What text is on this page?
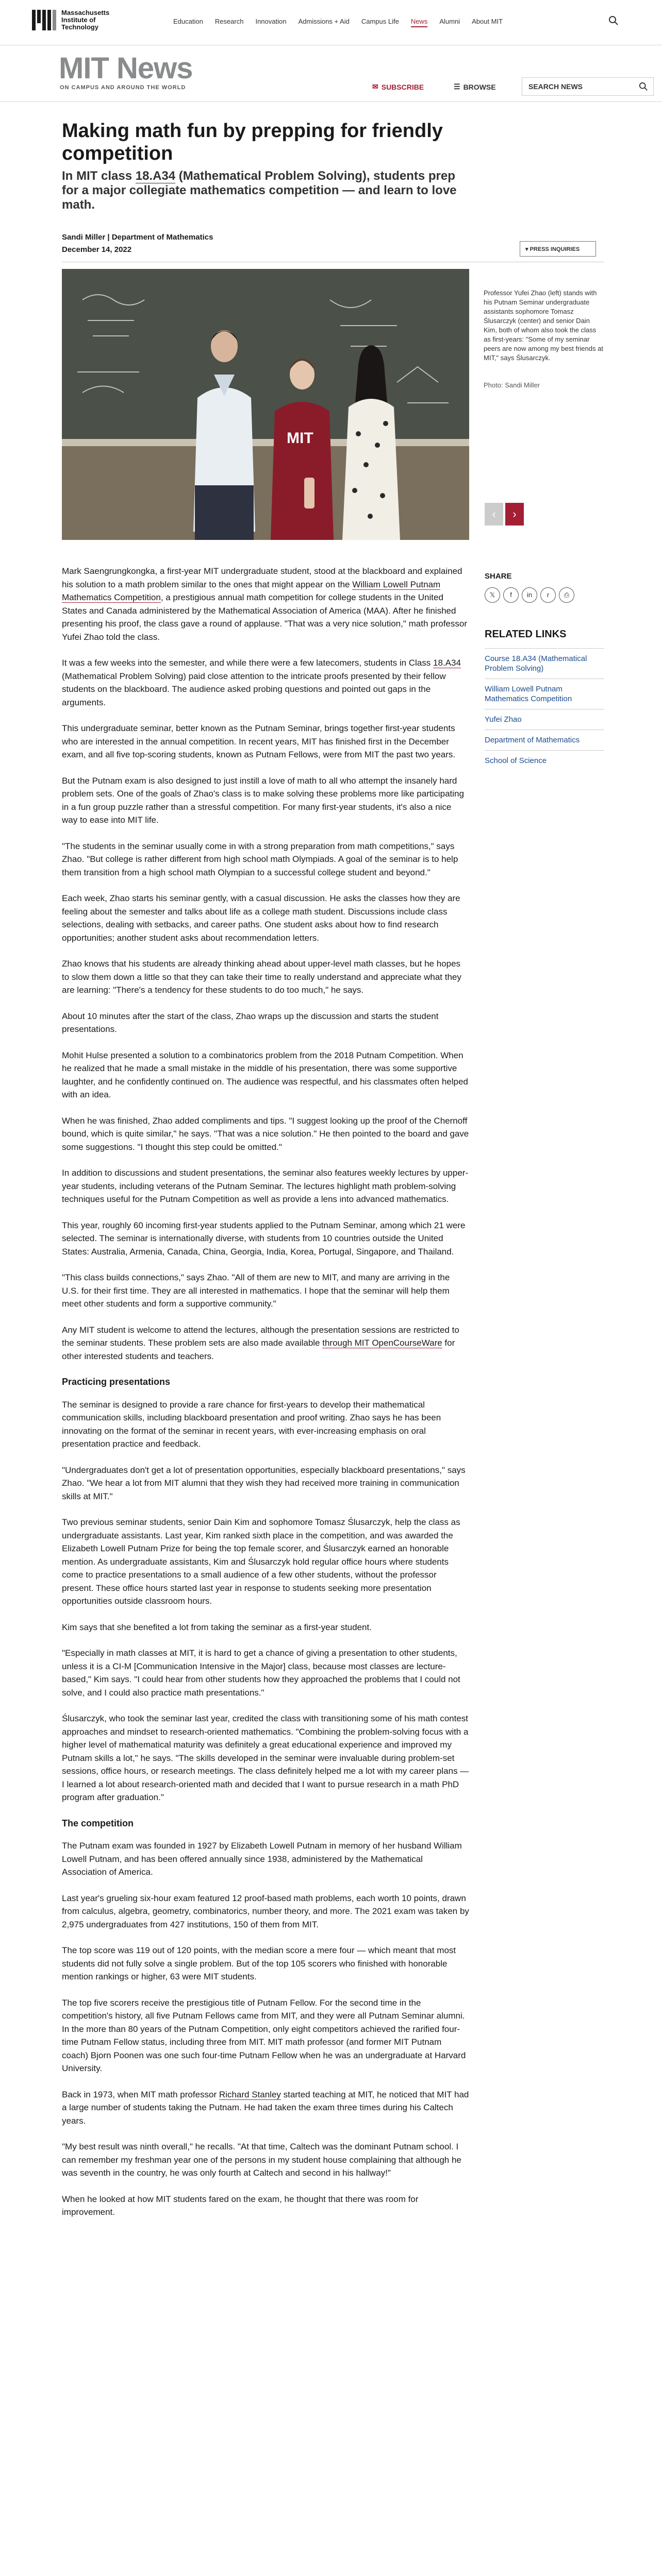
Massachusetts Institute of Technology
Education Research Innovation Admissions + Aid Campus Life News Alumni About MIT
MIT News
ON CAMPUS AND AROUND THE WORLD	✉ SUBSCRIBE	☰ BROWSE	SEARCH NEWS
Making math fun by prepping for friendly competition
In MIT class 18.A34 (Mathematical Problem Solving), students prep for a major collegiate mathematics competition — and learn to love math.
Sandi Miller | Department of Mathematics
December 14, 2022	▾ PRESS INQUIRIES
MIT
Professor Yufei Zhao (left) stands with his Putnam Seminar undergraduate assistants sophomore Tomasz Ślusarczyk (center) and senior Dain Kim, both of whom also took the class as first-years: "Some of my seminar peers are now among my best friends at MIT," says Ślusarczyk.
Photo: Sandi Miller
‹	›
SHARE
𝕏	f	in	r	⎙
RELATED LINKS
Course 18.A34 (Mathematical Problem Solving)
William Lowell Putnam Mathematics Competition
Yufei Zhao
Department of Mathematics
School of Science

Mark Saengrungkongka, a first-year MIT undergraduate student, stood at the blackboard and explained his solution to a math problem similar to the ones that might appear on the William Lowell Putnam Mathematics Competition, a prestigious annual math competition for college students in the United States and Canada administered by the Mathematical Association of America (MAA). After he finished presenting his proof, the class gave a round of applause. "That was a very nice solution," math professor Yufei Zhao told the class.

It was a few weeks into the semester, and while there were a few latecomers, students in Class 18.A34 (Mathematical Problem Solving) paid close attention to the intricate proofs presented by their fellow students on the blackboard. The audience asked probing questions and pointed out gaps in the arguments.

This undergraduate seminar, better known as the Putnam Seminar, brings together first-year students who are interested in the annual competition. In recent years, MIT has finished first in the December exam, and all five top-scoring students, known as Putnam Fellows, were from MIT the past two years.

But the Putnam exam is also designed to just instill a love of math to all who attempt the insanely hard problem sets. One of the goals of Zhao's class is to make solving these problems more like participating in a fun group puzzle rather than a stressful competition. For many first-year students, it's also a nice way to ease into MIT life.

"The students in the seminar usually come in with a strong preparation from math competitions," says Zhao. "But college is rather different from high school math Olympiads. A goal of the seminar is to help them transition from a high school math Olympian to a successful college student and beyond."

Each week, Zhao starts his seminar gently, with a casual discussion. He asks the classes how they are feeling about the semester and talks about life as a college math student. Discussions include class selections, dealing with setbacks, and career paths. One student asks about how to find research opportunities; another student asks about recommendation letters.

Zhao knows that his students are already thinking ahead about upper-level math classes, but he hopes to slow them down a little so that they can take their time to really understand and appreciate what they are learning: "There's a tendency for these students to do too much," he says.

About 10 minutes after the start of the class, Zhao wraps up the discussion and starts the student presentations.

Mohit Hulse presented a solution to a combinatorics problem from the 2018 Putnam Competition. When he realized that he made a small mistake in the middle of his presentation, there was some supportive laughter, and he confidently continued on. The audience was respectful, and his classmates often helped with an idea.

When he was finished, Zhao added compliments and tips. "I suggest looking up the proof of the Chernoff bound, which is quite similar," he says. "That was a nice solution." He then pointed to the board and gave some suggestions. "I thought this step could be omitted."

In addition to discussions and student presentations, the seminar also features weekly lectures by upper-year students, including veterans of the Putnam Seminar. The lectures highlight math problem-solving techniques useful for the Putnam Competition as well as provide a lens into advanced mathematics.

This year, roughly 60 incoming first-year students applied to the Putnam Seminar, among which 21 were selected. The seminar is internationally diverse, with students from 10 countries outside the United States: Australia, Armenia, Canada, China, Georgia, India, Korea, Portugal, Singapore, and Thailand.

"This class builds connections," says Zhao. "All of them are new to MIT, and many are arriving in the U.S. for their first time. They are all interested in mathematics. I hope that the seminar will help them meet other students and form a supportive community."

Any MIT student is welcome to attend the lectures, although the presentation sessions are restricted to the seminar students. These problem sets are also made available through MIT OpenCourseWare for other interested students and teachers.

Practicing presentations

The seminar is designed to provide a rare chance for first-years to develop their mathematical communication skills, including blackboard presentation and proof writing. Zhao says he has been innovating on the format of the seminar in recent years, with ever-increasing emphasis on oral presentation practice and feedback.

"Undergraduates don't get a lot of presentation opportunities, especially blackboard presentations," says Zhao. "We hear a lot from MIT alumni that they wish they had received more training in communication skills at MIT."

Two previous seminar students, senior Dain Kim and sophomore Tomasz Ślusarczyk, help the class as undergraduate assistants. Last year, Kim ranked sixth place in the competition, and was awarded the Elizabeth Lowell Putnam Prize for being the top female scorer, and Ślusarczyk earned an honorable mention. As undergraduate assistants, Kim and Ślusarczyk hold regular office hours where students come to practice presentations to a small audience of a few other students, without the professor present. These office hours started last year in response to students seeking more presentation opportunities outside classroom hours.

Kim says that she benefited a lot from taking the seminar as a first-year student.

"Especially in math classes at MIT, it is hard to get a chance of giving a presentation to other students, unless it is a CI-M [Communication Intensive in the Major] class, because most classes are lecture-based," Kim says. "I could hear from other students how they approached the problems that I could not solve, and I could also practice math presentations."

Ślusarczyk, who took the seminar last year, credited the class with transitioning some of his math contest approaches and mindset to research-oriented mathematics. "Combining the problem-solving focus with a higher level of mathematical maturity was definitely a great educational experience and improved my Putnam skills a lot," he says. "The skills developed in the seminar were invaluable during problem-set sessions, office hours, or research meetings. The class definitely helped me a lot with my career plans — I learned a lot about research-oriented math and decided that I want to pursue research in a math PhD program after graduation."

The competition

The Putnam exam was founded in 1927 by Elizabeth Lowell Putnam in memory of her husband William Lowell Putnam, and has been offered annually since 1938, administered by the Mathematical Association of America.

Last year's grueling six-hour exam featured 12 proof-based math problems, each worth 10 points, drawn from calculus, algebra, geometry, combinatorics, number theory, and more. The 2021 exam was taken by 2,975 undergraduates from 427 institutions, 150 of them from MIT.

The top score was 119 out of 120 points, with the median score a mere four — which meant that most students did not fully solve a single problem. But of the top 105 scorers who finished with honorable mention rankings or higher, 63 were MIT students.

The top five scorers receive the prestigious title of Putnam Fellow. For the second time in the competition's history, all five Putnam Fellows came from MIT, and they were all Putnam Seminar alumni. In the more than 80 years of the Putnam Competition, only eight competitors achieved the rarified four-time Putnam Fellow status, including three from MIT. MIT math professor (and former MIT Putnam coach) Bjorn Poonen was one such four-time Putnam Fellow when he was an undergraduate at Harvard University.

Back in 1973, when MIT math professor Richard Stanley started teaching at MIT, he noticed that MIT had a large number of students taking the Putnam. He had taken the exam three times during his Caltech years.

"My best result was ninth overall," he recalls. "At that time, Caltech was the dominant Putnam school. I can remember my freshman year one of the persons in my student house complaining that although he was seventh in the country, he was only fourth at Caltech and second in his hallway!"

When he looked at how MIT students fared on the exam, he thought that there was room for improvement.
